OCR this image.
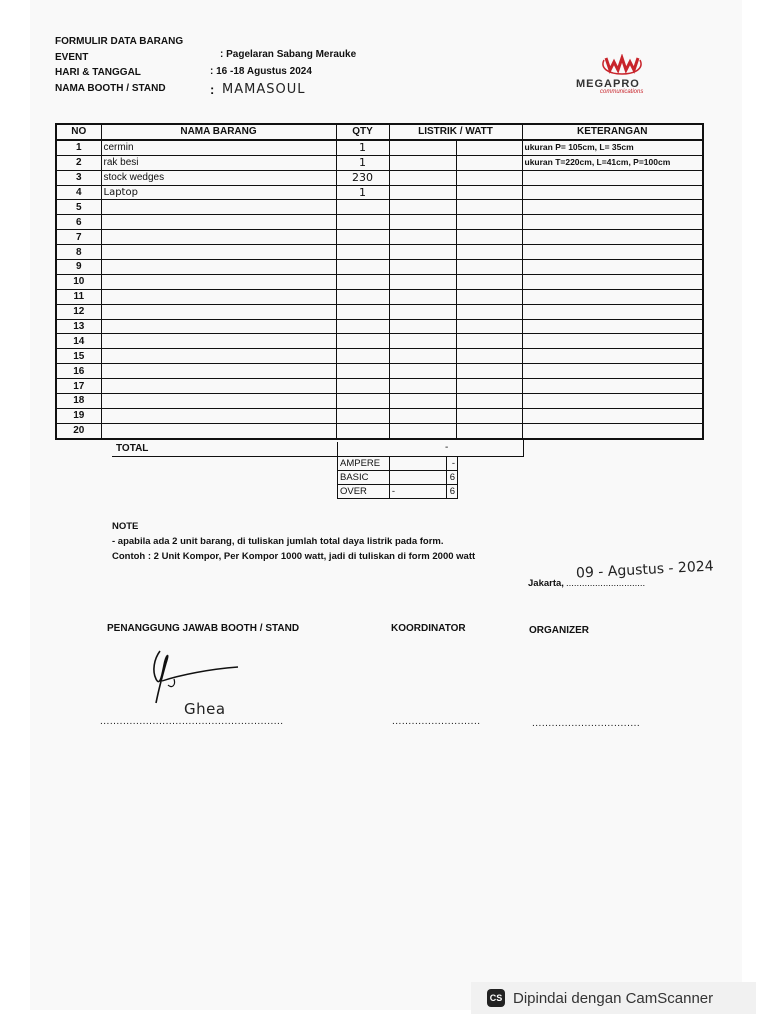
FORMULIR DATA BARANG
EVENT	: Pagelaran Sabang Merauke
HARI & TANGGAL	: 16 -18 Agustus 2024
NAMA BOOTH / STAND	: MAMASOUL	MEGAPRO
communications
NO	NAMA BARANG	QTY	LISTRIK / WATT		KETERANGAN
1	cermin	1			ukuran P= 105cm, L= 35cm
2	rak besi	1			ukuran T=220cm, L=41cm, P=100cm
3	stock wedges	230			
4	Laptop	1			
5					
6					
7					
8					
9					
10					
11					
12					
13					
14					
15					
16					
17					
18					
19					
20					
TOTAL	-
AMPERE		-
BASIC		6
OVER	-	6
NOTE
- apabila ada 2 unit barang, di tuliskan jumlah total daya listrik pada form.
Contoh : 2 Unit Kompor, Per Kompor 1000 watt, jadi di tuliskan di form 2000 watt
Jakarta, ..............................
09 - Agustus - 2024
PENANGGUNG JAWAB BOOTH / STAND	KOORDINATOR	ORGANIZER
Ghea
........................................................	...........................	.................................
CS Dipindai dengan CamScanner
